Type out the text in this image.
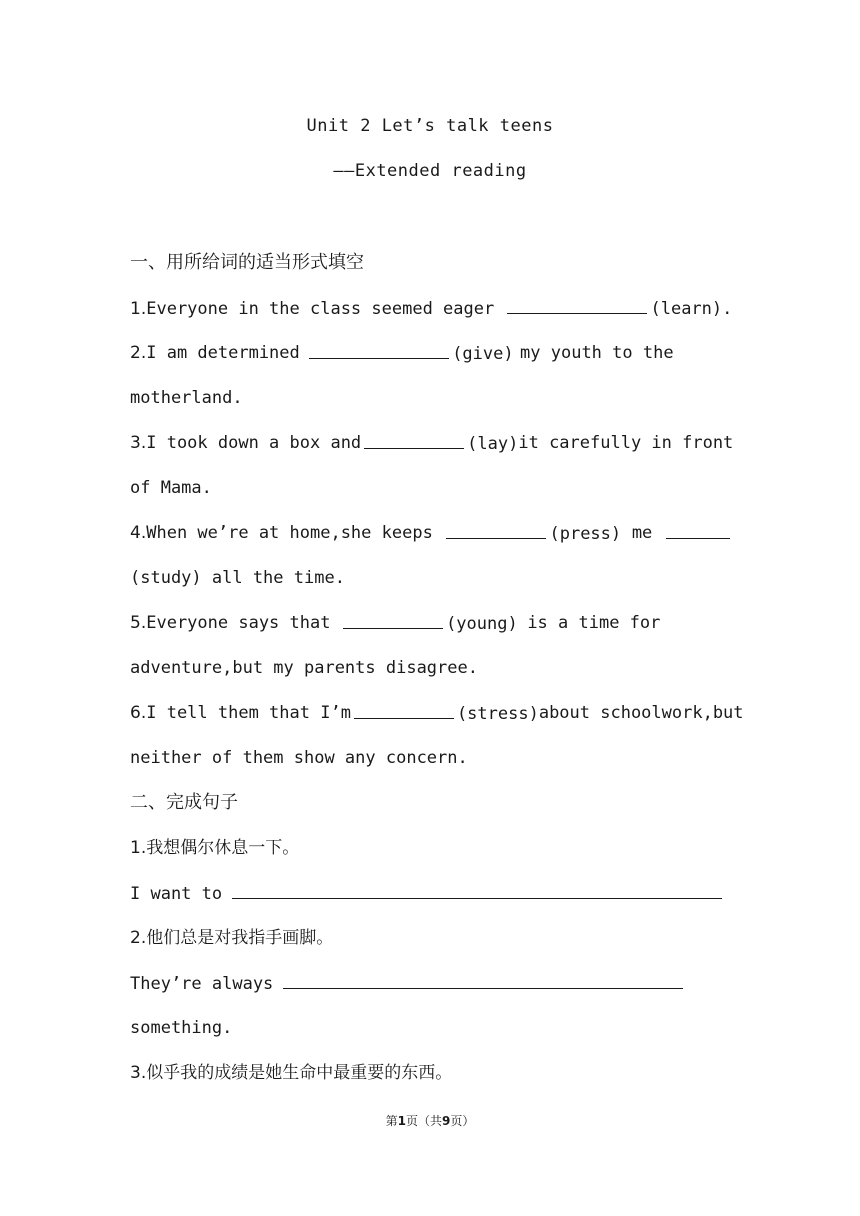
Unit 2 Let’s talk teens
——Extended reading
一、用所给词的适当形式填空
1.Everyone in the class seemed eager	(learn).
2.I am determined	(give) my youth to the
motherland.
3.I took down a box and	(lay) it carefully in front
of Mama.
4.When we’re at home,she keeps	(press) me
(study) all the time.
5.Everyone says that	(young) is a time for
adventure,but my parents disagree.
6.I tell them that I’m	(stress) about schoolwork,but
neither of them show any concern.
二、完成句子
1.我想偶尔休息一下。
I want to
2.他们总是对我指手画脚。
They’re always
something.
3.似乎我的成绩是她生命中最重要的东西。
第1页（共9页）
